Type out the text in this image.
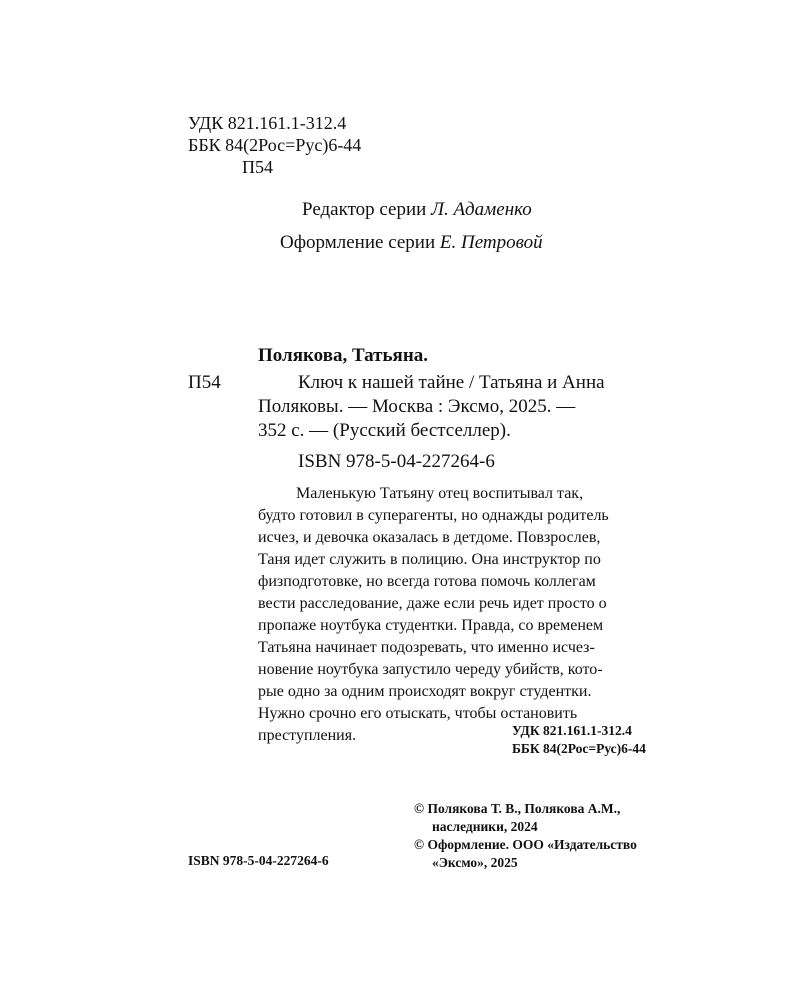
УДК 821.161.1-312.4
ББК 84(2Рос=Рус)6-44
П54
Редактор серии Л. Адаменко
Оформление серии Е. Петровой
Полякова, Татьяна.
П54	Ключ к нашей тайне / Татьяна и Анна
Поляковы. — Москва : Эксмо, 2025. —
352 с. — (Русский бестселлер).
ISBN 978-5-04-227264-6
Маленькую Татьяну отец воспитывал так,
будто готовил в суперагенты, но однажды родитель
исчез, и девочка оказалась в детдоме. Повзрослев,
Таня идет служить в полицию. Она инструктор по
физподготовке, но всегда готова помочь коллегам
вести расследование, даже если речь идет просто о
пропаже ноутбука студентки. Правда, со временем
Татьяна начинает подозревать, что именно исчез-
новение ноутбука запустило череду убийств, кото-
рые одно за одним происходят вокруг студентки.
Нужно срочно его отыскать, чтобы остановить
преступления.	УДК 821.161.1-312.4
ББК 84(2Рос=Рус)6-44
ISBN 978-5-04-227264-6
© Полякова Т. В., Полякова А.М.,
наследники, 2024
© Оформление. ООО «Издательство
«Эксмо», 2025
